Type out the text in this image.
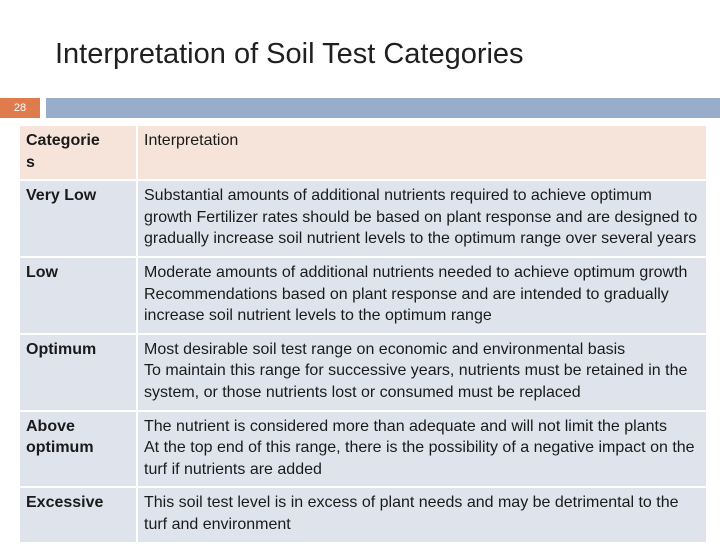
Interpretation of Soil Test Categories
28
Categorie
s	Interpretation
Very Low	Substantial amounts of additional nutrients required to achieve optimum growth Fertilizer rates should be based on plant response and are designed to gradually increase soil nutrient levels to the optimum range over several years

Low	Moderate amounts of additional nutrients needed to achieve optimum growth
Recommendations based on plant response and are intended to gradually increase soil nutrient levels to the optimum range

Optimum	Most desirable soil test range on economic and environmental basis
To maintain this range for successive years, nutrients must be retained in the system, or those nutrients lost or consumed must be replaced

Above
optimum	The nutrient is considered more than adequate and will not limit the plants
At the top end of this range, there is the possibility of a negative impact on the turf if nutrients are added

Excessive	This soil test level is in excess of plant needs and may be detrimental to the turf and environment
